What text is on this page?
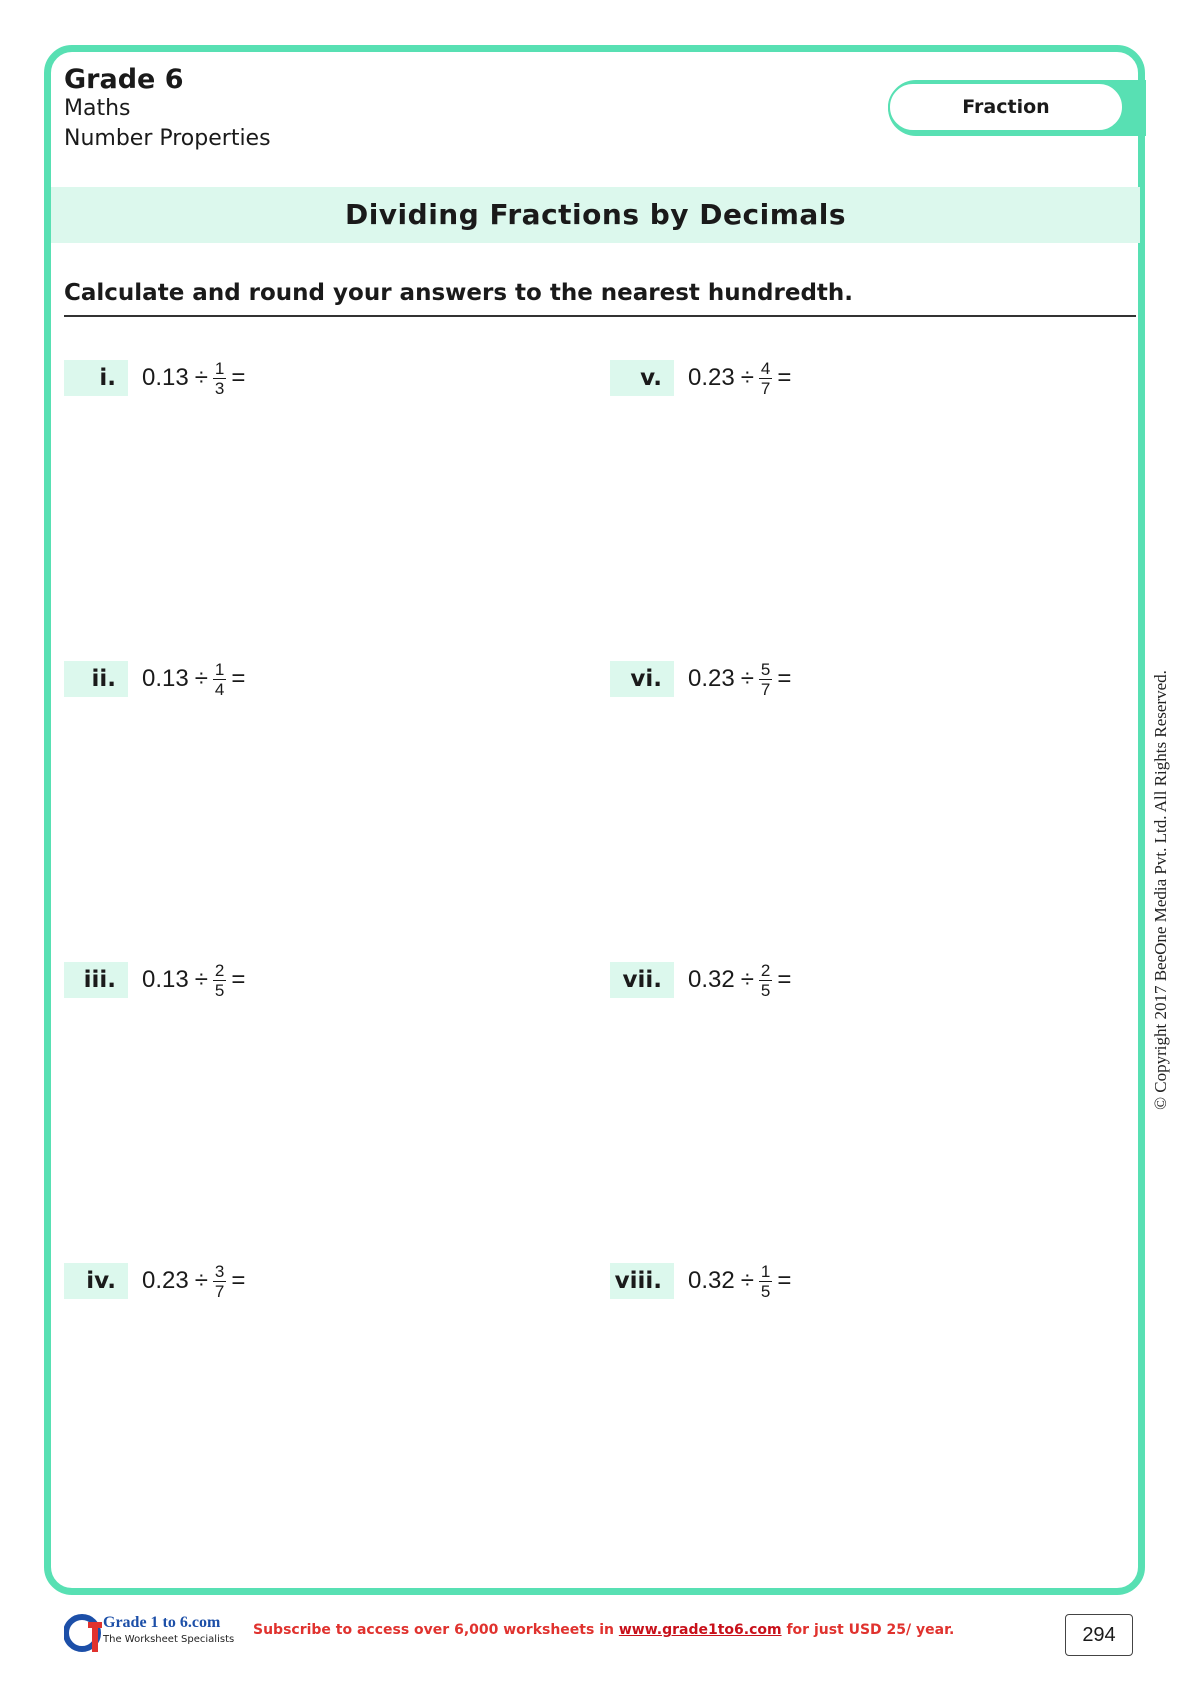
Grade 6
Maths
Number Properties
Fraction
Dividing Fractions by Decimals
Calculate and round your answers to the nearest hundredth.
i.	$0.13 \div \frac{1}{3}$ =
ii.	$0.13 \div \frac{1}{4}$ =
iii.	$0.13 \div \frac{2}{5}$ =
iv.	$0.23 \div \frac{3}{7}$ =
v.	$0.23 \div \frac{4}{7}$ =
vi.	$0.23 \div \frac{5}{7}$ =
vii.	$0.32 \div \frac{2}{5}$ =
viii.	$0.32 \div \frac{1}{5}$ =
© Copyright 2017 BeeOne Media Pvt. Ltd. All Rights Reserved.
Grade 1 to 6.com
The Worksheet Specialists
Subscribe to access over 6,000 worksheets in www.grade1to6.com for just USD 25/ year.	294
